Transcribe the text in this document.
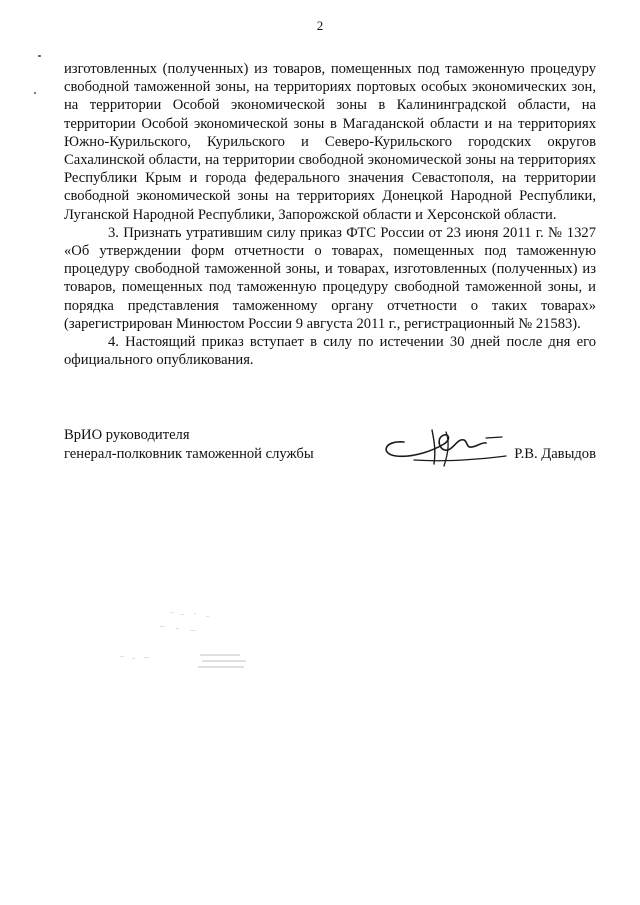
2

изготовленных (полученных) из товаров, помещенных под таможенную процедуру свободной таможенной зоны, на территориях портовых особых экономических зон, на территории Особой экономической зоны в Калининградской области, на территории Особой экономической зоны в Магаданской области и на территориях Южно-Курильского, Курильского и Северо-Курильского городских округов Сахалинской области, на территории свободной экономической зоны на территориях Республики Крым и города федерального значения Севастополя, на территории свободной экономической зоны на территориях Донецкой Народной Республики, Луганской Народной Республики, Запорожской области и Херсонской области.

3. Признать утратившим силу приказ ФТС России от 23 июня 2011 г. № 1327 «Об утверждении форм отчетности о товарах, помещенных под таможенную процедуру свободной таможенной зоны, и товарах, изготовленных (полученных) из товаров, помещенных под таможенную процедуру свободной таможенной зоны, и порядка представления таможенному органу отчетности о таких товарах» (зарегистрирован Минюстом России 9 августа 2011 г., регистрационный № 21583).

4. Настоящий приказ вступает в силу по истечении 30 дней после дня его официального опубликования.

ВрИО руководителя
генерал-полковник таможенной службы	Р.В. Давыдов
